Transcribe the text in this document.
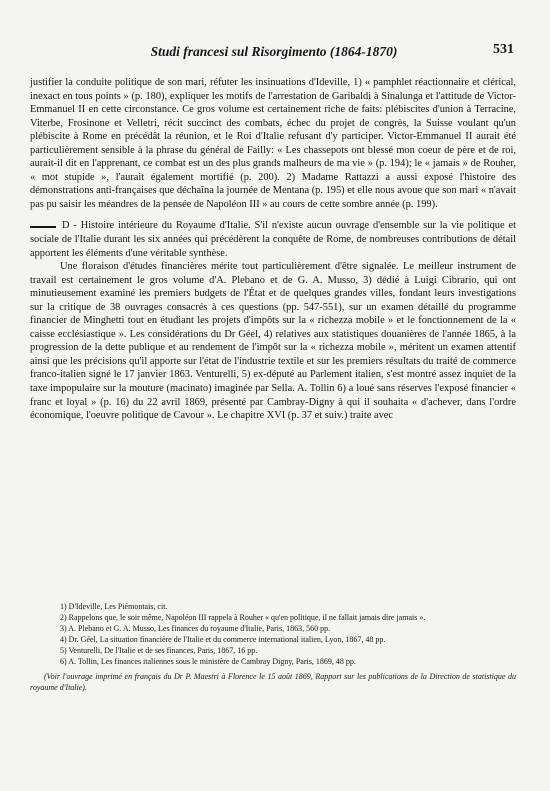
Studi francesi sul Risorgimento (1864-1870)	531

justifier la conduite politique de son mari, réfuter les insinuations d'Ideville, 1) « pamphlet réactionnaire et clérical, inexact en tous points » (p. 180), expliquer les motifs de l'arrestation de Garibaldi à Sinalunga et l'attitude de Victor-Emmanuel II en cette circonstance. Ce gros volume est certainement riche de faits: plébiscites d'union à Terracine, Viterbe, Frosinone et Velletri, récit succinct des combats, échec du projet de congrès, la Suisse voulant qu'un plébiscite à Rome en précédât la réunion, et le Roi d'Italie refusant d'y participer. Victor-Emmanuel II aurait été particulièrement sensible à la phrase du général de Failly: « Les chassepots ont blessé mon coeur de père et de roi, aurait-il dit en l'apprenant, ce combat est un des plus grands malheurs de ma vie » (p. 194); le « jamais » de Rouher, « mot stupide », l'aurait également mortifié (p. 200). 2) Madame Rattazzi a aussi exposé l'histoire des démonstrations anti-françaises que déchaîna la journée de Mentana (p. 195) et elle nous avoue que son mari « n'avait pas pu saisir les méandres de la pensée de Napoléon III » au cours de cette sombre année (p. 199).

D - Histoire intérieure du Royaume d'Italie. S'il n'existe aucun ouvrage d'ensemble sur la vie politique et sociale de l'Italie durant les six années qui précédèrent la conquête de Rome, de nombreuses contributions de détail apportent les éléments d'une véritable synthèse.

Une floraison d'études financières mérite tout particulièrement d'être signalée. Le meilleur instrument de travail est certainement le gros volume d'A. Plebano et de G. A. Musso, 3) dédié à Luigi Cibrario, qui ont minutieusement examiné les premiers budgets de l'État et de quelques grandes villes, fondant leurs investigations sur la critique de 38 ouvrages consacrés à ces questions (pp. 547-551), sur un examen détaillé du programme financier de Minghetti tout en étudiant les projets d'impôts sur la « richezza mobile » et le fonctionnement de la « caisse ecclésiastique ». Les considérations du Dr Géel, 4) relatives aux statistiques douanières de l'année 1865, à la progression de la dette publique et au rendement de l'impôt sur la « richezza mobile », méritent un examen attentif ainsi que les précisions qu'il apporte sur l'état de l'industrie textile et sur les premiers résultats du traité de commerce franco-italien signé le 17 janvier 1863. Venturelli, 5) ex-député au Parlement italien, s'est montré assez inquiet de la taxe impopulaire sur la mouture (macinato) imaginée par Sella. A. Tollin 6) a loué sans réserves l'exposé financier « franc et loyal » (p. 16) du 22 avril 1869, présenté par Cambray-Digny à qui il souhaita « d'achever, dans l'ordre économique, l'oeuvre politique de Cavour ». Le chapitre XVI (p. 37 et suiv.) traite avec

1) D'Ideville, Les Piémontais, cit.

2) Rappelons que, le soir même, Napoléon III rappela à Rouher « qu'en politique, il ne fallait jamais dire jamais ».

3) A. Plebano et G. A. Musso, Les finances du royaume d'Italie, Paris, 1863, 560 pp.

4) Dr. Géel, La situation financière de l'Italie et du commerce international italien, Lyon, 1867, 48 pp.

5) Venturelli, De l'Italie et de ses finances, Paris, 1867, 16 pp.

6) A. Tollin, Les finances italiennes sous le ministère de Cambray Digny, Paris, 1869, 48 pp.

(Voir l'ouvrage imprimé en français du Dr P. Maestri à Florence le 15 août 1869, Rapport sur les publications de la Direction de statistique du royaume d'Italie).
